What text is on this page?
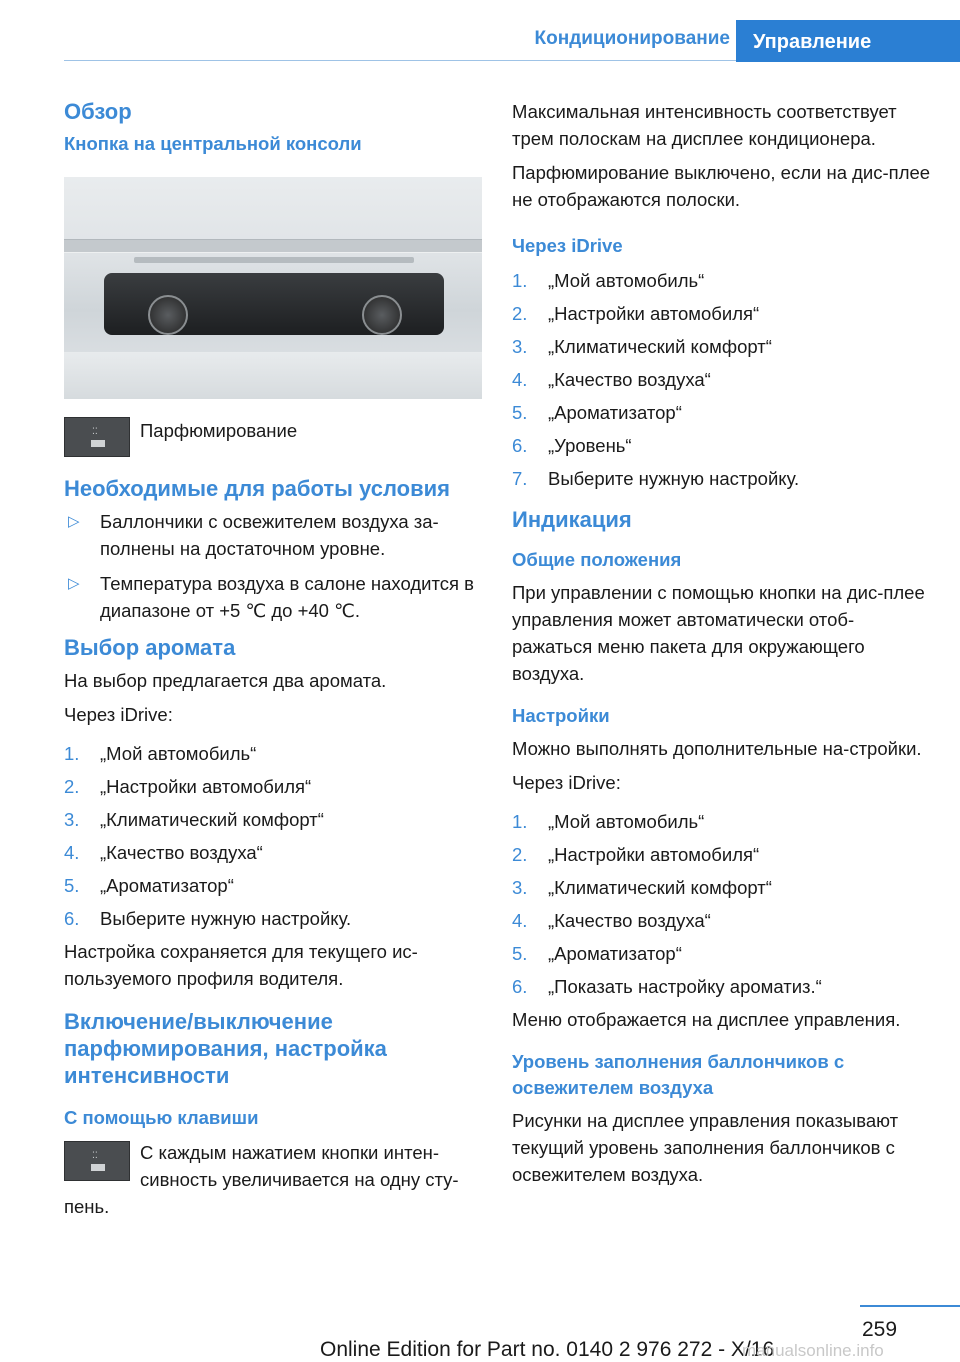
Кондиционирование	Управление
Обзор
Кнопка на центральной консоли
⁚⁚ Парфюмирование
Необходимые для работы условия
▷ Баллончики с освежителем воздуха за-полнены на достаточном уровне.
▷ Температура воздуха в салоне находится в диапазоне от +5 ℃ до +40 ℃.
Выбор аромата

На выбор предлагается два аромата.

Через iDrive:

1. „Мой автомобиль“
2. „Настройки автомобиля“
3. „Климатический комфорт“
4. „Качество воздуха“
5. „Ароматизатор“
6. Выберите нужную настройку.

Настройка сохраняется для текущего ис-пользуемого профиля водителя.

Включение/выключение парфюмирования, настройка интенсивности
С помощью клавиши
⁚⁚ С каждым нажатием кнопки интен-сивность увеличивается на одну сту-пень.

Максимальная интенсивность соответствует трем полоскам на дисплее кондиционера.

Парфюмирование выключено, если на дис-плее не отображаются полоски.

Через iDrive
1. „Мой автомобиль“
2. „Настройки автомобиля“
3. „Климатический комфорт“
4. „Качество воздуха“
5. „Ароматизатор“
6. „Уровень“
7. Выберите нужную настройку.
Индикация
Общие положения

При управлении с помощью кнопки на дис-плее управления может автоматически отоб-ражаться меню пакета для окружающего воздуха.

Настройки

Можно выполнять дополнительные на-стройки.

Через iDrive:

1. „Мой автомобиль“
2. „Настройки автомобиля“
3. „Климатический комфорт“
4. „Качество воздуха“
5. „Ароматизатор“
6. „Показать настройку ароматиз.“

Меню отображается на дисплее управления.

Уровень заполнения баллончиков с освежителем воздуха

Рисунки на дисплее управления показывают текущий уровень заполнения баллончиков с освежителем воздуха.

259
Online Edition for Part no. 0140 2 976 272 - X/16
manualsonline.info
